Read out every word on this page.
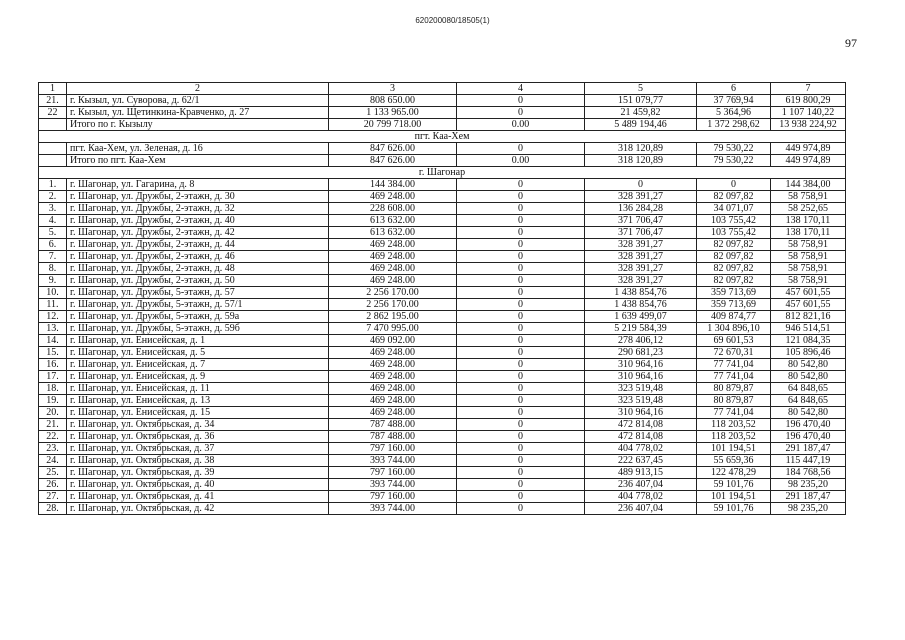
620200080/18505(1)
97
1	2	3	4	5	6	7
21.	г. Кызыл, ул. Суворова, д. 62/1	808 650.00	0	151 079,77	37 769,94	619 800,29
22	г. Кызыл, ул. Щетинкина-Кравченко, д. 27	1 133 965.00	0	21 459,82	5 364,96	1 107 140,22
	Итого по г. Кызылу	20 799 718.00	0.00	5 489 194,46	1 372 298,62	13 938 224,92
пгт. Каа-Хем						
	пгт. Каа-Хем, ул. Зеленая, д. 16	847 626.00	0	318 120,89	79 530,22	449 974,89
	Итого по пгт. Каа-Хем	847 626.00	0.00	318 120,89	79 530,22	449 974,89
г. Шагонар						
1.	г. Шагонар, ул. Гагарина, д. 8	144 384.00	0	0	0	144 384,00
2.	г. Шагонар, ул. Дружбы, 2-этажн, д. 30	469 248.00	0	328 391,27	82 097,82	58 758,91
3.	г. Шагонар, ул. Дружбы, 2-этажн, д. 32	228 608.00	0	136 284,28	34 071,07	58 252,65
4.	г. Шагонар, ул. Дружбы, 2-этажн, д. 40	613 632.00	0	371 706,47	103 755,42	138 170,11
5.	г. Шагонар, ул. Дружбы, 2-этажн, д. 42	613 632.00	0	371 706,47	103 755,42	138 170,11
6.	г. Шагонар, ул. Дружбы, 2-этажн, д. 44	469 248.00	0	328 391,27	82 097,82	58 758,91
7.	г. Шагонар, ул. Дружбы, 2-этажн, д. 46	469 248.00	0	328 391,27	82 097,82	58 758,91
8.	г. Шагонар, ул. Дружбы, 2-этажн, д. 48	469 248.00	0	328 391,27	82 097,82	58 758,91
9.	г. Шагонар, ул. Дружбы, 2-этажн, д. 50	469 248.00	0	328 391,27	82 097,82	58 758,91
10.	г. Шагонар, ул. Дружбы, 5-этажн, д. 57	2 256 170.00	0	1 438 854,76	359 713,69	457 601,55
11.	г. Шагонар, ул. Дружбы, 5-этажн, д. 57/1	2 256 170.00	0	1 438 854,76	359 713,69	457 601,55
12.	г. Шагонар, ул. Дружбы, 5-этажн, д. 59а	2 862 195.00	0	1 639 499,07	409 874,77	812 821,16
13.	г. Шагонар, ул. Дружбы, 5-этажн, д. 59б	7 470 995.00	0	5 219 584,39	1 304 896,10	946 514,51
14.	г. Шагонар, ул. Енисейская, д. 1	469 092.00	0	278 406,12	69 601,53	121 084,35
15.	г. Шагонар, ул. Енисейская, д. 5	469 248.00	0	290 681,23	72 670,31	105 896,46
16.	г. Шагонар, ул. Енисейская, д. 7	469 248.00	0	310 964,16	77 741,04	80 542,80
17.	г. Шагонар, ул. Енисейская, д. 9	469 248.00	0	310 964,16	77 741,04	80 542,80
18.	г. Шагонар, ул. Енисейская, д. 11	469 248.00	0	323 519,48	80 879,87	64 848,65
19.	г. Шагонар, ул. Енисейская, д. 13	469 248.00	0	323 519,48	80 879,87	64 848,65
20.	г. Шагонар, ул. Енисейская, д. 15	469 248.00	0	310 964,16	77 741,04	80 542,80
21.	г. Шагонар, ул. Октябрьская, д. 34	787 488.00	0	472 814,08	118 203,52	196 470,40
22.	г. Шагонар, ул. Октябрьская, д. 36	787 488.00	0	472 814,08	118 203,52	196 470,40
23.	г. Шагонар, ул. Октябрьская, д. 37	797 160.00	0	404 778,02	101 194,51	291 187,47
24.	г. Шагонар, ул. Октябрьская, д. 38	393 744.00	0	222 637,45	55 659,36	115 447,19
25.	г. Шагонар, ул. Октябрьская, д. 39	797 160.00	0	489 913,15	122 478,29	184 768,56
26.	г. Шагонар, ул. Октябрьская, д. 40	393 744.00	0	236 407,04	59 101,76	98 235,20
27.	г. Шагонар, ул. Октябрьская, д. 41	797 160.00	0	404 778,02	101 194,51	291 187,47
28.	г. Шагонар, ул. Октябрьская, д. 42	393 744.00	0	236 407,04	59 101,76	98 235,20
